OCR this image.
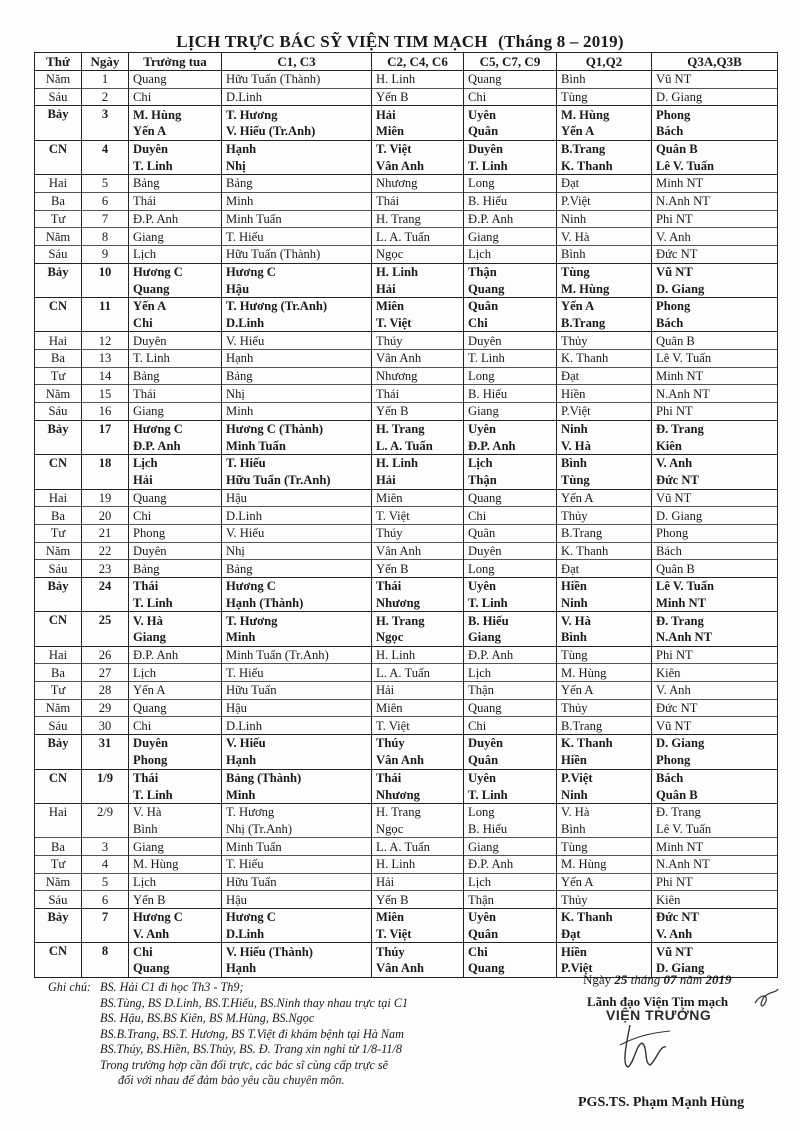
LỊCH TRỰC BÁC SỸ VIỆN TIM MẠCH (Tháng 8 – 2019)
Thứ	Ngày	Trưởng tua	C1, C3	C2, C4, C6	C5, C7, C9	Q1,Q2	Q3A,Q3B
Năm	1	Quang	Hữu Tuấn (Thành)	H. Linh	Quang	Bình	Vũ NT
Sáu	2	Chi	D.Linh	Yến B	Chi	Tùng	D. Giang
Bảy	3	M. Hùng	T. Hương	Hải	Uyên	M. Hùng	Phong
		Yến A	V. Hiếu (Tr.Anh)	Miên	Quân	Yến A	Bách
CN	4	Duyên	Hạnh	T. Việt	Duyên	B.Trang	Quân B
		T. Linh	Nhị	Vân Anh	T. Linh	K. Thanh	Lê V. Tuấn
Hai	5	Bảng	Bảng	Nhương	Long	Đạt	Minh NT
Ba	6	Thái	Minh	Thái	B. Hiếu	P.Việt	N.Anh NT
Tư	7	Đ.P. Anh	Minh Tuấn	H. Trang	Đ.P. Anh	Ninh	Phi NT
Năm	8	Giang	T. Hiếu	L. A. Tuấn	Giang	V. Hà	V. Anh
Sáu	9	Lịch	Hữu Tuấn (Thành)	Ngọc	Lịch	Bình	Đức NT
Bảy	10	Hương C	Hương C	H. Linh	Thận	Tùng	Vũ NT
		Quang	Hậu	Hải	Quang	M. Hùng	D. Giang
CN	11	Yến A	T. Hương (Tr.Anh)	Miên	Quân	Yến A	Phong
		Chi	D.Linh	T. Việt	Chi	B.Trang	Bách
Hai	12	Duyên	V. Hiếu	Thúy	Duyên	Thủy	Quân B
Ba	13	T. Linh	Hạnh	Vân Anh	T. Linh	K. Thanh	Lê V. Tuấn
Tư	14	Bảng	Bảng	Nhương	Long	Đạt	Minh NT
Năm	15	Thái	Nhị	Thái	B. Hiếu	Hiền	N.Anh NT
Sáu	16	Giang	Minh	Yến B	Giang	P.Việt	Phi NT
Bảy	17	Hương C	Hương C (Thành)	H. Trang	Uyên	Ninh	Đ. Trang
		Đ.P. Anh	Minh Tuấn	L. A. Tuấn	Đ.P. Anh	V. Hà	Kiên
CN	18	Lịch	T. Hiếu	H. Linh	Lịch	Bình	V. Anh
		Hải	Hữu Tuấn (Tr.Anh)	Hải	Thận	Tùng	Đức NT
Hai	19	Quang	Hậu	Miên	Quang	Yến A	Vũ NT
Ba	20	Chi	D.Linh	T. Việt	Chi	Thủy	D. Giang
Tư	21	Phong	V. Hiếu	Thúy	Quân	B.Trang	Phong
Năm	22	Duyên	Nhị	Vân Anh	Duyên	K. Thanh	Bách
Sáu	23	Bảng	Bảng	Yến B	Long	Đạt	Quân B
Bảy	24	Thái	Hương C	Thái	Uyên	Hiền	Lê V. Tuấn
		T. Linh	Hạnh (Thành)	Nhương	T. Linh	Ninh	Minh NT
CN	25	V. Hà	T. Hương	H. Trang	B. Hiếu	V. Hà	Đ. Trang
		Giang	Minh	Ngọc	Giang	Bình	N.Anh NT
Hai	26	Đ.P. Anh	Minh Tuấn (Tr.Anh)	H. Linh	Đ.P. Anh	Tùng	Phi NT
Ba	27	Lịch	T. Hiếu	L. A. Tuấn	Lịch	M. Hùng	Kiên
Tư	28	Yến A	Hữu Tuấn	Hải	Thận	Yến A	V. Anh
Năm	29	Quang	Hậu	Miên	Quang	Thủy	Đức NT
Sáu	30	Chi	D.Linh	T. Việt	Chi	B.Trang	Vũ NT
Bảy	31	Duyên	V. Hiếu	Thúy	Duyên	K. Thanh	D. Giang
		Phong	Hạnh	Vân Anh	Quân	Hiền	Phong
CN	1/9	Thái	Bảng (Thành)	Thái	Uyên	P.Việt	Bách
		T. Linh	Minh	Nhương	T. Linh	Ninh	Quân B
Hai	2/9	V. Hà	T. Hương	H. Trang	Long	V. Hà	Đ. Trang
		Bình	Nhị (Tr.Anh)	Ngọc	B. Hiếu	Bình	Lê V. Tuấn
Ba	3	Giang	Minh Tuấn	L. A. Tuấn	Giang	Tùng	Minh NT
Tư	4	M. Hùng	T. Hiếu	H. Linh	Đ.P. Anh	M. Hùng	N.Anh NT
Năm	5	Lịch	Hữu Tuấn	Hải	Lịch	Yến A	Phi NT
Sáu	6	Yến B	Hậu	Yến B	Thận	Thủy	Kiên
Bảy	7	Hương C	Hương C	Miên	Uyên	K. Thanh	Đức NT
		V. Anh	D.Linh	T. Việt	Quân	Đạt	V. Anh
CN	8	Chi	V. Hiếu (Thành)	Thúy	Chi	Hiền	Vũ NT
		Quang	Hạnh	Vân Anh	Quang	P.Việt	D. Giang
Ghi chú: BS. Hải C1 đi học Th3 - Th9;
BS.Tùng, BS D.Linh, BS.T.Hiếu, BS.Ninh thay nhau trực tại C1
BS. Hậu, BS.BS Kiên, BS M.Hùng, BS.Ngọc
BS.B.Trang, BS.T. Hương, BS T.Việt đi khám bệnh tại Hà Nam
BS.Thúy, BS.Hiền, BS.Thủy, BS. Đ. Trang xin nghỉ từ 1/8-11/8
Trong trường hợp cần đổi trực, các bác sĩ cùng cấp trực sẽ
đổi với nhau để đảm bảo yêu cầu chuyên môn.
Ngày 25 tháng 07 năm 2019
Lãnh đạo Viện Tim mạch
VIỆN TRƯỞNG
PGS.TS. Phạm Mạnh Hùng
